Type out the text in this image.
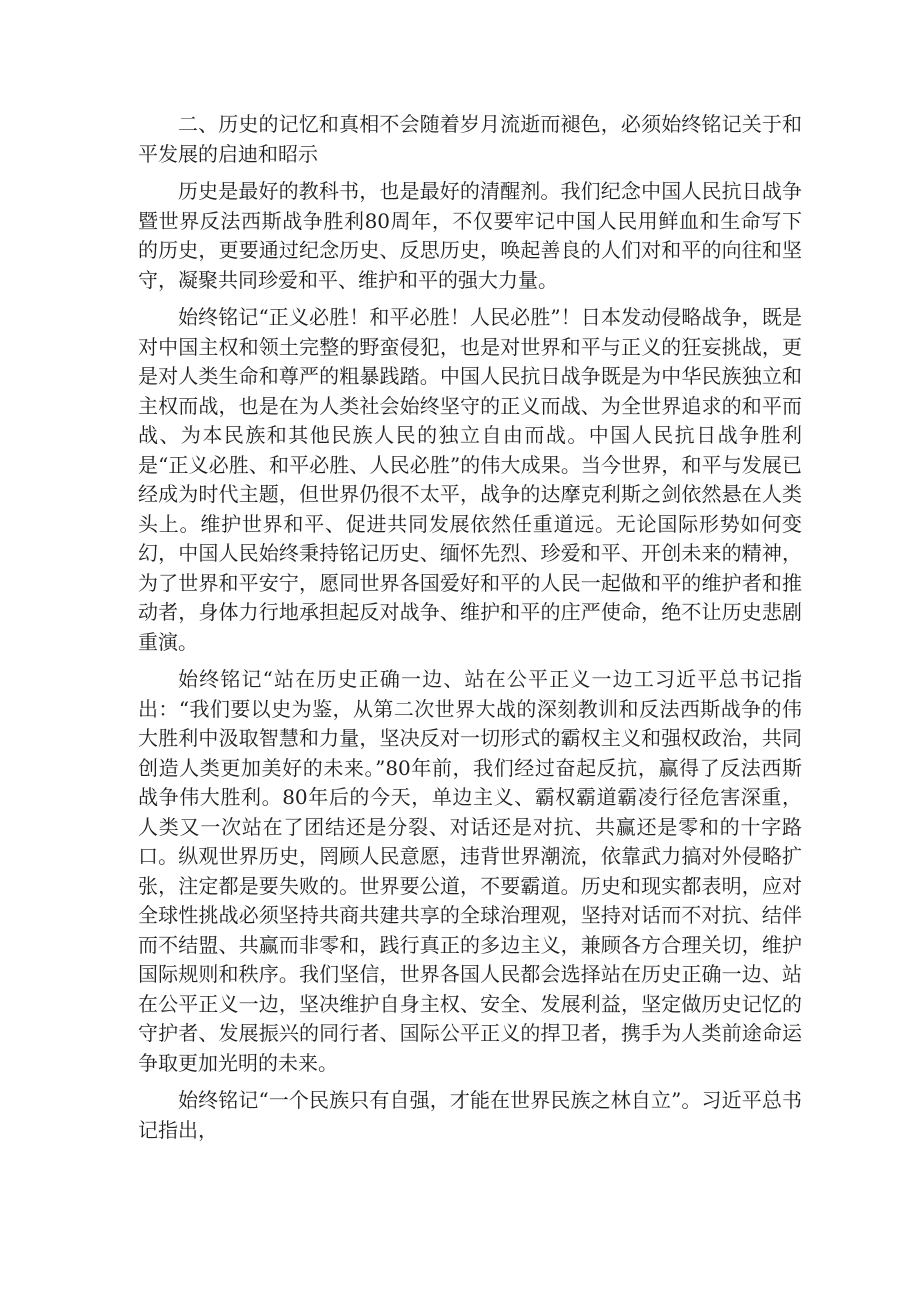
二、历史的记忆和真相不会随着岁月流逝而褪色，必须始终铭记关于和平发展的启迪和昭示

历史是最好的教科书，也是最好的清醒剂。我们纪念中国人民抗日战争暨世界反法西斯战争胜利80周年，不仅要牢记中国人民用鲜血和生命写下的历史，更要通过纪念历史、反思历史，唤起善良的人们对和平的向往和坚守，凝聚共同珍爱和平、维护和平的强大力量。

始终铭记“正义必胜！和平必胜！人民必胜”！日本发动侵略战争，既是对中国主权和领土完整的野蛮侵犯，也是对世界和平与正义的狂妄挑战，更是对人类生命和尊严的粗暴践踏。中国人民抗日战争既是为中华民族独立和主权而战，也是在为人类社会始终坚守的正义而战、为全世界追求的和平而战、为本民族和其他民族人民的独立自由而战。中国人民抗日战争胜利是“正义必胜、和平必胜、人民必胜”的伟大成果。当今世界，和平与发展已经成为时代主题，但世界仍很不太平，战争的达摩克利斯之剑依然悬在人类头上。维护世界和平、促进共同发展依然任重道远。无论国际形势如何变幻，中国人民始终秉持铭记历史、缅怀先烈、珍爱和平、开创未来的精神，为了世界和平安宁，愿同世界各国爱好和平的人民一起做和平的维护者和推动者，身体力行地承担起反对战争、维护和平的庄严使命，绝不让历史悲剧重演。

始终铭记“站在历史正确一边、站在公平正义一边工习近平总书记指出：“我们要以史为鉴，从第二次世界大战的深刻教训和反法西斯战争的伟大胜利中汲取智慧和力量，坚决反对一切形式的霸权主义和强权政治，共同创造人类更加美好的未来。”80年前，我们经过奋起反抗，赢得了反法西斯战争伟大胜利。80年后的今天，单边主义、霸权霸道霸凌行径危害深重，人类又一次站在了团结还是分裂、对话还是对抗、共赢还是零和的十字路口。纵观世界历史，罔顾人民意愿，违背世界潮流，依靠武力搞对外侵略扩张，注定都是要失败的。世界要公道，不要霸道。历史和现实都表明，应对全球性挑战必须坚持共商共建共享的全球治理观，坚持对话而不对抗、结伴而不结盟、共赢而非零和，践行真正的多边主义，兼顾各方合理关切，维护国际规则和秩序。我们坚信，世界各国人民都会选择站在历史正确一边、站在公平正义一边，坚决维护自身主权、安全、发展利益，坚定做历史记忆的守护者、发展振兴的同行者、国际公平正义的捍卫者，携手为人类前途命运争取更加光明的未来。

始终铭记“一个民族只有自强，才能在世界民族之林自立”。习近平总书记指出，
